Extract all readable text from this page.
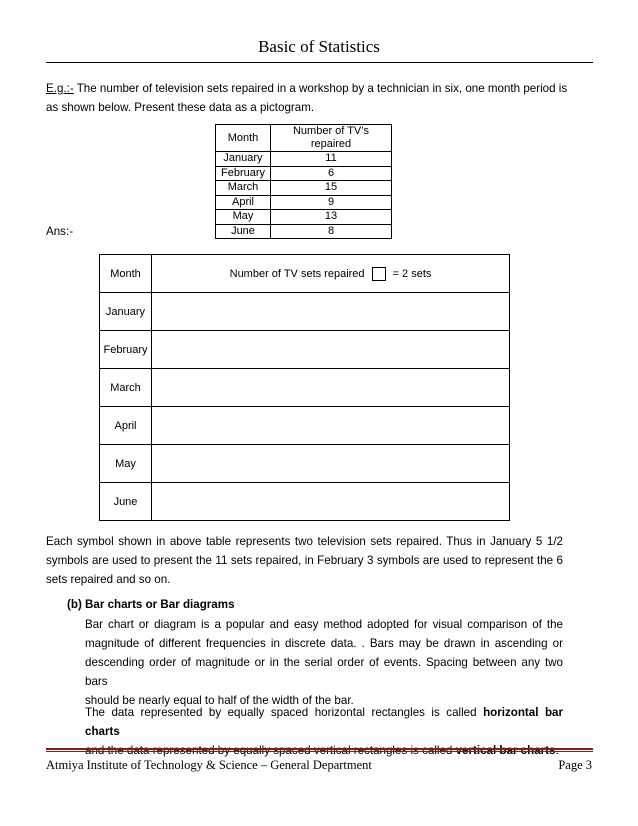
Basic of Statistics
E.g.:- The number of television sets repaired in a workshop by a technician in six, one month period is
as shown below. Present these data as a pictogram.
Month	Number of TV’s repaired
January	11
February	6
March	15
April	9
May	13
June	8
Ans:-
Month	Number of TV sets repaired = 2 sets

January	
February	
March	
April	
May	
June	
Each symbol shown in above table represents two television sets repaired. Thus in January 5 1/2
symbols are used to present the 11 sets repaired, in February 3 symbols are used to represent the 6
sets repaired and so on.
(b) Bar charts or Bar diagrams
Bar chart or diagram is a popular and easy method adopted for visual comparison of the
magnitude of different frequencies in discrete data. . Bars may be drawn in ascending or
descending order of magnitude or in the serial order of events. Spacing between any two bars
should be nearly equal to half of the width of the bar.
The data represented by equally spaced horizontal rectangles is called horizontal bar charts
and the data represented by equally spaced vertical rectangles is called vertical bar charts.
Atmiya Institute of Technology & Science – General Department	Page 3
